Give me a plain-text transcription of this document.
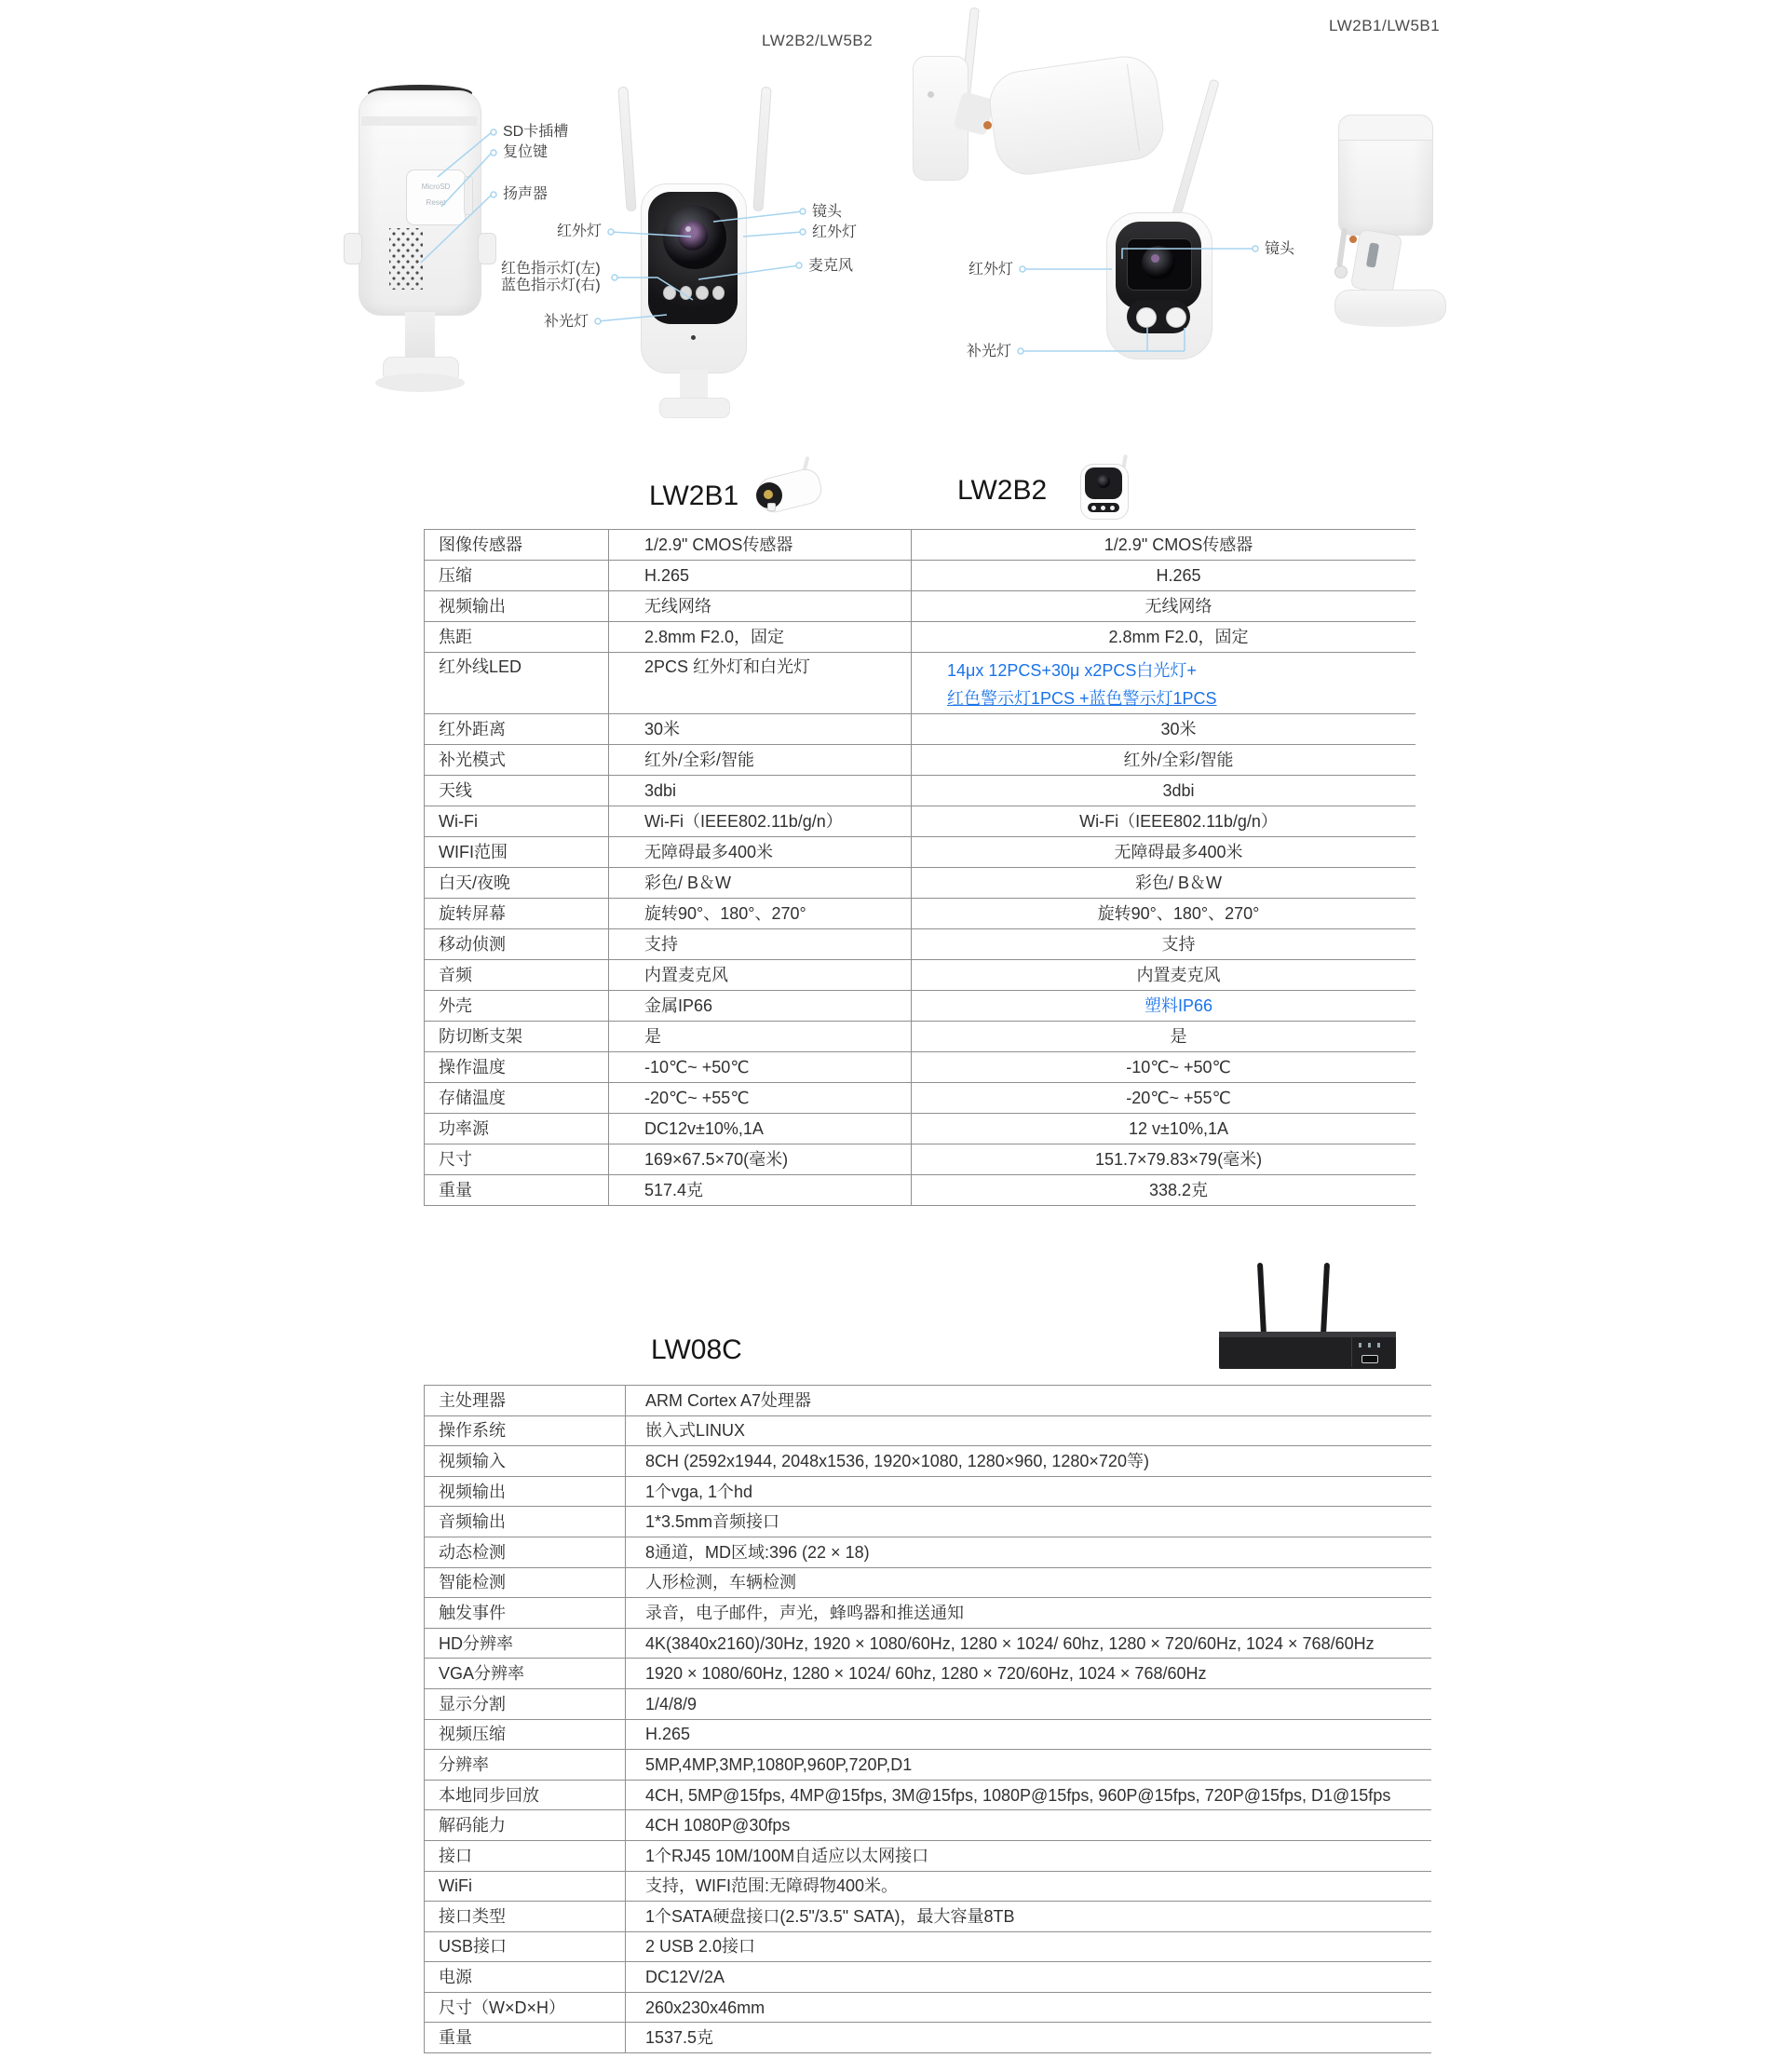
LW2B2/LW5B2
LW2B1/LW5B1
MicroSD
Reset
SD卡插槽
复位键
扬声器
红外灯
红色指示灯(左)
蓝色指示灯(右)
补光灯
镜头
红外灯
麦克风	红外灯
镜头
补光灯
LW2B1	LW2B2
图像传感器	1/2.9" CMOS传感器	1/2.9" CMOS传感器
压缩	H.265	H.265
视频输出	无线网络	无线网络
焦距	2.8mm F2.0，固定	2.8mm F2.0，固定
红外线LED	2PCS 红外灯和白光灯	14μx 12PCS+30μ x2PCS白光灯+
红色警示灯1PCS +蓝色警示灯1PCS
红外距离	30米	30米
补光模式	红外/全彩/智能	红外/全彩/智能
天线	3dbi	3dbi
Wi-Fi	Wi-Fi（IEEE802.11b/g/n）	Wi-Fi（IEEE802.11b/g/n）
WIFI范围	无障碍最多400米	无障碍最多400米
白天/夜晚	彩色/ B＆W	彩色/ B＆W
旋转屏幕	旋转90°、180°、270°	旋转90°、180°、270°
移动侦测	支持	支持
音频	内置麦克风	内置麦克风
外壳	金属IP66	塑料IP66
防切断支架	是	是
操作温度	-10℃~ +50℃	-10℃~ +50℃
存储温度	-20℃~ +55℃	-20℃~ +55℃
功率源	DC12v±10%,1A	12 v±10%,1A
尺寸	169×67.5×70(毫米)	151.7×79.83×79(毫米)
重量	517.4克	338.2克
LW08C
主处理器	ARM Cortex A7处理器
操作系统	嵌入式LINUX
视频输入	8CH (2592x1944, 2048x1536, 1920×1080, 1280×960, 1280×720等)
视频输出	1个vga, 1个hd
音频输出	1*3.5mm音频接口
动态检测	8通道，MD区域:396 (22 × 18)
智能检测	人形检测，车辆检测
触发事件	录音，电子邮件，声光，蜂鸣器和推送通知
HD分辨率	4K(3840x2160)/30Hz, 1920 × 1080/60Hz, 1280 × 1024/ 60hz, 1280 × 720/60Hz, 1024 × 768/60Hz
VGA分辨率	1920 × 1080/60Hz, 1280 × 1024/ 60hz, 1280 × 720/60Hz, 1024 × 768/60Hz
显示分割	1/4/8/9
视频压缩	H.265
分辨率	5MP,4MP,3MP,1080P,960P,720P,D1
本地同步回放	4CH, 5MP@15fps, 4MP@15fps, 3M@15fps, 1080P@15fps, 960P@15fps, 720P@15fps, D1@15fps
解码能力	4CH 1080P@30fps
接口	1个RJ45 10M/100M自适应以太网接口
WiFi	支持，WIFI范围:无障碍物400米。
接口类型	1个SATA硬盘接口(2.5"/3.5" SATA)，最大容量8TB
USB接口	2 USB 2.0接口
电源	DC12V/2A
尺寸（W×D×H）	260x230x46mm
重量	1537.5克
